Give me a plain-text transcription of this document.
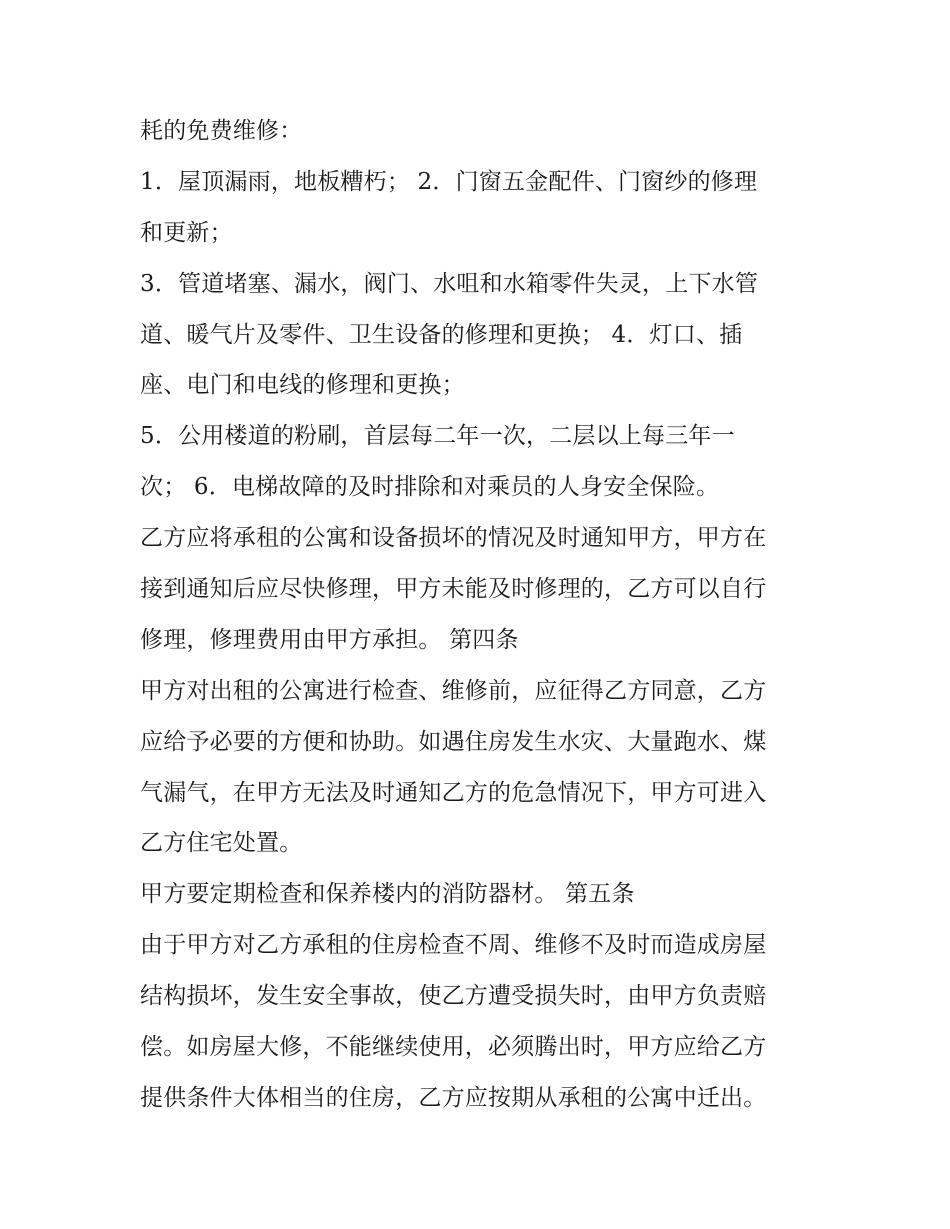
耗的免费维修：
1．屋顶漏雨，地板糟朽； 2．门窗五金配件、门窗纱的修理
和更新；
3．管道堵塞、漏水，阀门、水咀和水箱零件失灵，上下水管
道、暖气片及零件、卫生设备的修理和更换； 4．灯口、插
座、电门和电线的修理和更换；
5．公用楼道的粉刷，首层每二年一次，二层以上每三年一
次； 6．电梯故障的及时排除和对乘员的人身安全保险。
乙方应将承租的公寓和设备损坏的情况及时通知甲方，甲方在
接到通知后应尽快修理，甲方未能及时修理的，乙方可以自行
修理，修理费用由甲方承担。 第四条
甲方对出租的公寓进行检查、维修前，应征得乙方同意，乙方
应给予必要的方便和协助。如遇住房发生水灾、大量跑水、煤
气漏气，在甲方无法及时通知乙方的危急情况下，甲方可进入
乙方住宅处置。
甲方要定期检查和保养楼内的消防器材。 第五条
由于甲方对乙方承租的住房检查不周、维修不及时而造成房屋
结构损坏，发生安全事故，使乙方遭受损失时，由甲方负责赔
偿。如房屋大修，不能继续使用，必须腾出时，甲方应给乙方
提供条件大体相当的住房，乙方应按期从承租的公寓中迁出。
